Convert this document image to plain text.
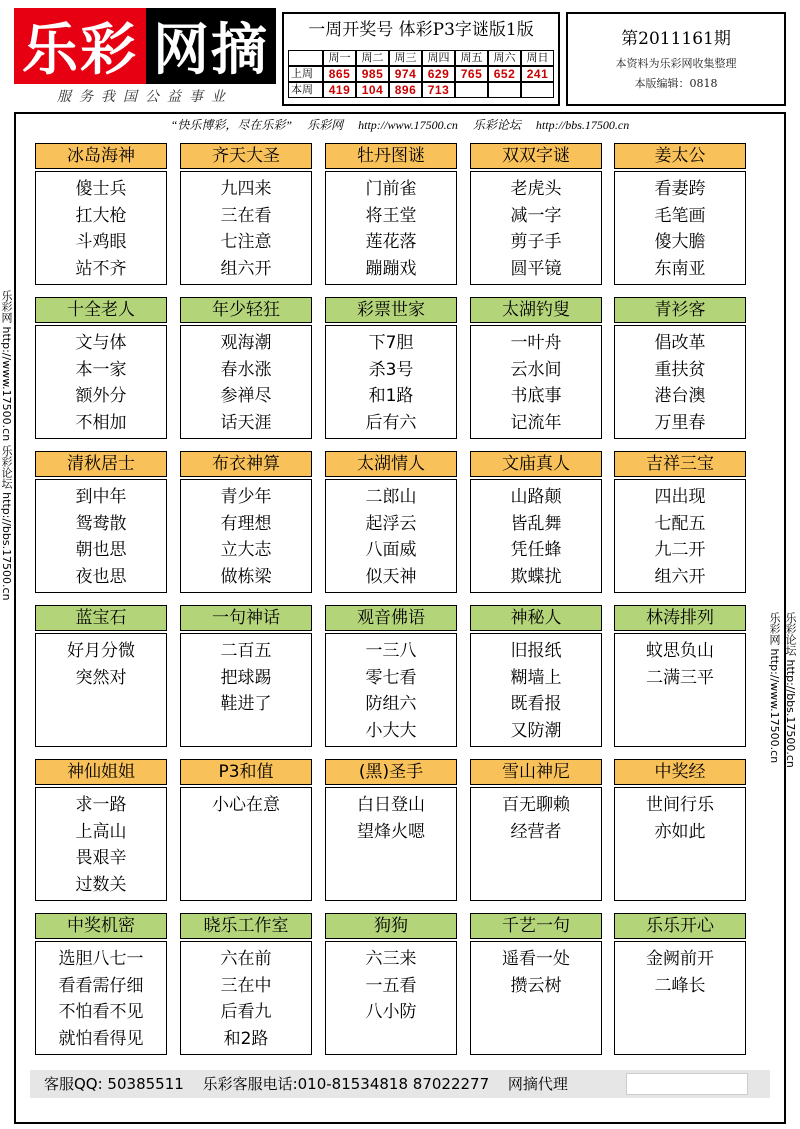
乐彩 网摘
服务我国公益事业
一周开奖号 体彩P3字谜版1版
周一	周二	周三	周四	周五	周六	周日
上周	865 985 974 629 765 652 241
本周	419 104 896 713
第2011161期
本资料为乐彩网收集整理
本版编辑：0818
“快乐博彩，尽在乐彩” 乐彩网 http://www.17500.cn 乐彩论坛 http://bbs.17500.cn
乐彩网 http://www.17500.cn 乐彩论坛 http://bbs.17500.cn
乐彩网 http://www.17500.cn 乐彩论坛 http://bbs.17500.cn
冰岛海神
傻士兵
扛大枪
斗鸡眼
站不齐
齐天大圣
九四来
三在看
七注意
组六开
牡丹图谜
门前雀
将王堂
莲花落
蹦蹦戏
双双字谜
老虎头
减一字
剪子手
圆平镜
姜太公
看妻跨
毛笔画
傻大膽
东南亚
十全老人
文与体
本一家
额外分
不相加
年少轻狂
观海潮
春水涨
参禅尽
话天涯
彩票世家
下7胆
杀3号
和1路
后有六
太湖钓叟
一叶舟
云水间
书底事
记流年
青衫客
倡改革
重扶贫
港台澳
万里春
清秋居士
到中年
鸳鸯散
朝也思
夜也思
布衣神算
青少年
有理想
立大志
做栋梁
太湖情人
二郎山
起浮云
八面威
似天神
文庙真人
山路颠
皆乱舞
凭任蜂
欺蝶扰
吉祥三宝
四出现
七配五
九二开
组六开
蓝宝石
好月分微
突然对
一句神话
二百五
把球踢
鞋进了
观音佛语
一三八
零七看
防组六
小大大
神秘人
旧报纸
糊墙上
既看报
又防潮
林涛排列
蚊思负山
二满三平
神仙姐姐
求一路
上高山
畏艰辛
过数关
P3和值
小心在意
(黑)圣手
白日登山
望烽火嗯
雪山神尼
百无聊赖
经营者
中奖经
世间行乐
亦如此
中奖机密
选胆八七一
看看需仔细
不怕看不见
就怕看得见
晓乐工作室
六在前
三在中
后看九
和2路
狗狗
六三来
一五看
八小防
千艺一句
遥看一处
攒云树
乐乐开心
金阙前开
二峰长
客服QQ: 50385511 乐彩客服电话:010-81534818 87022277 网摘代理
